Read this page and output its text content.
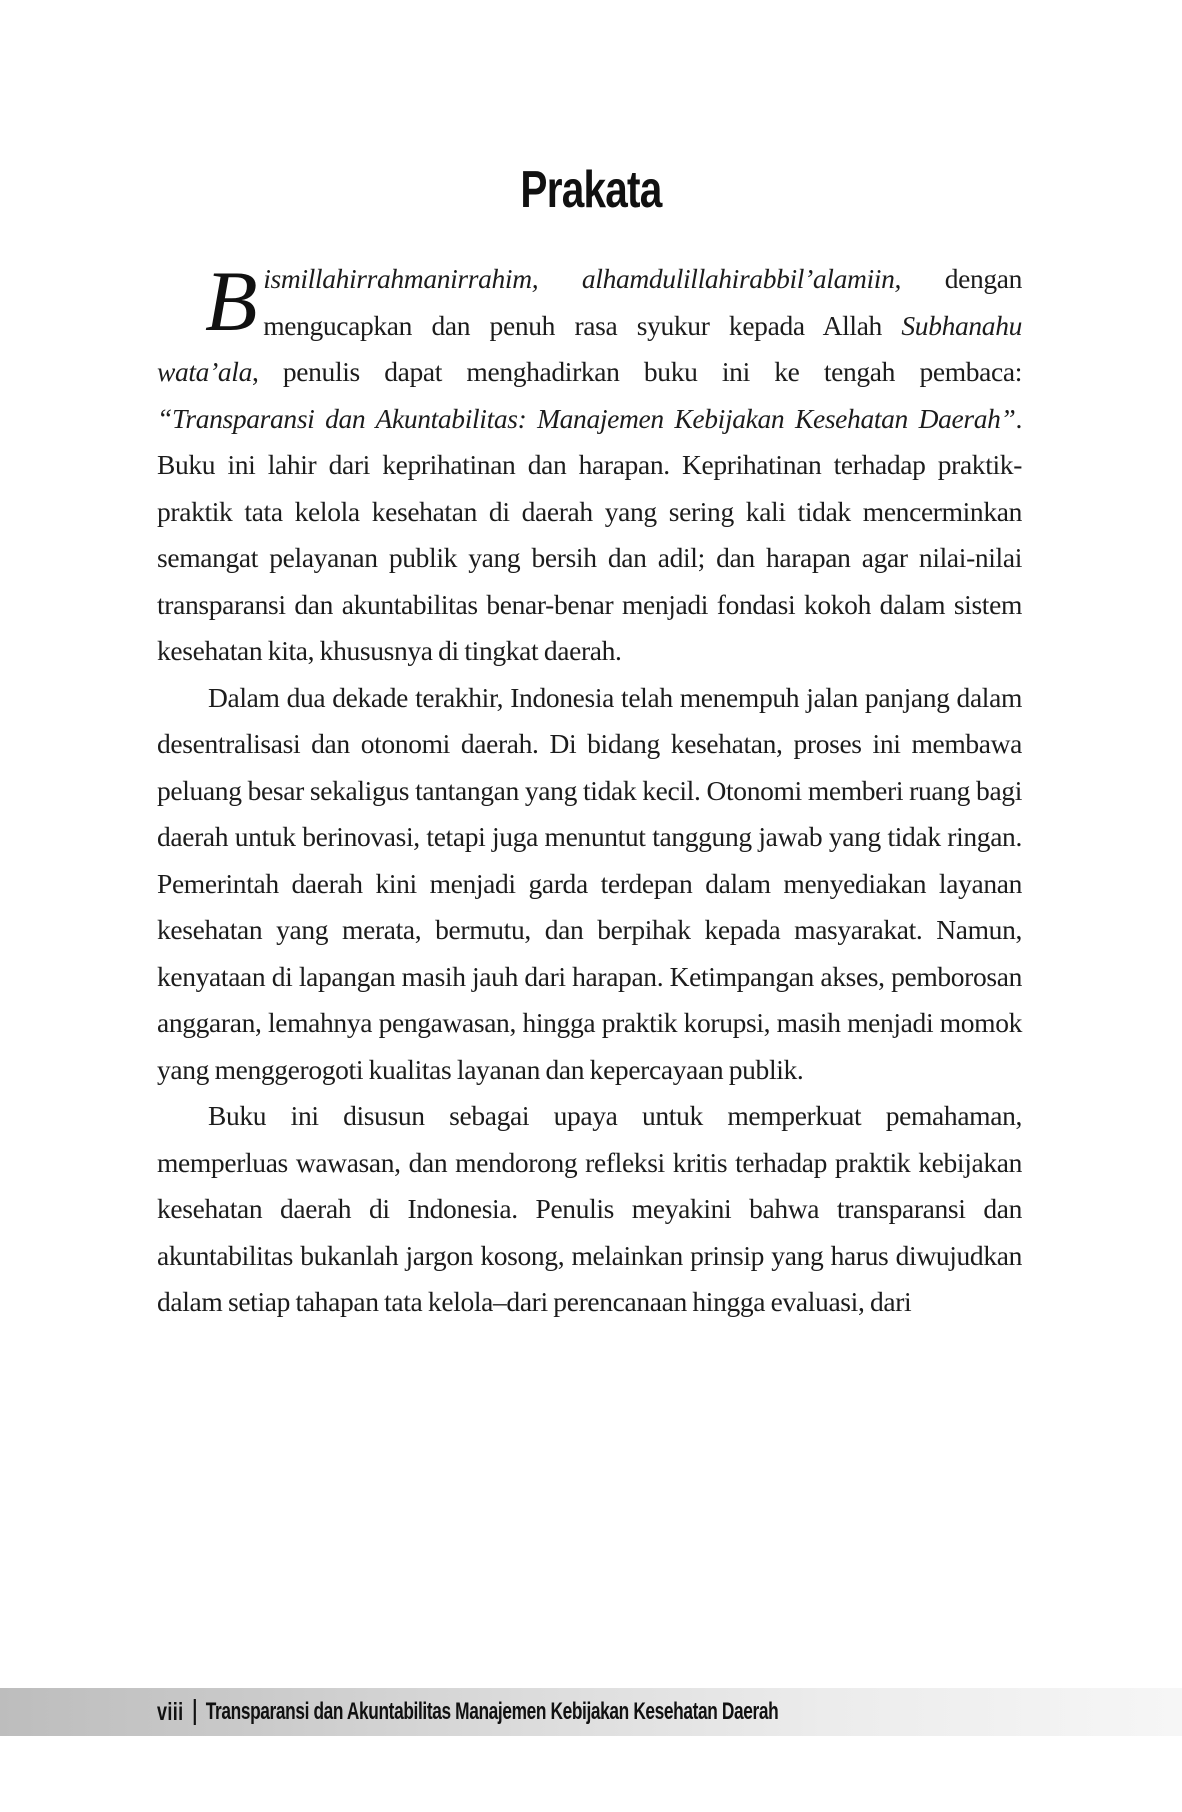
Prakata

Bismillahirrahmanirrahim, alhamdulillahirabbil’alamiin, dengan mengucapkan dan penuh rasa syukur kepada Allah Subhanahu wata’ala, penulis dapat menghadirkan buku ini ke tengah pembaca: “Transparansi dan Akuntabilitas: Manajemen Kebijakan Kesehatan Daerah”. Buku ini lahir dari keprihatinan dan harapan. Keprihatinan terhadap praktik-praktik tata kelola kesehatan di daerah yang sering kali tidak mencerminkan semangat pelayanan publik yang bersih dan adil; dan harapan agar nilai-nilai transparansi dan akuntabilitas benar-benar menjadi fondasi kokoh dalam sistem kesehatan kita, khususnya di tingkat daerah.

Dalam dua dekade terakhir, Indonesia telah menempuh jalan panjang dalam desentralisasi dan otonomi daerah. Di bidang kesehatan, proses ini membawa peluang besar sekaligus tantangan yang tidak kecil. Otonomi memberi ruang bagi daerah untuk berinovasi, tetapi juga menuntut tanggung jawab yang tidak ringan. Pemerintah daerah kini menjadi garda terdepan dalam menyediakan layanan kesehatan yang merata, bermutu, dan berpihak kepada masyarakat. Namun, kenyataan di lapangan masih jauh dari harapan. Ketimpangan akses, pemborosan anggaran, lemahnya pengawasan, hingga praktik korupsi, masih menjadi momok yang menggerogoti kualitas layanan dan kepercayaan publik.

Buku ini disusun sebagai upaya untuk memperkuat pemahaman, memperluas wawasan, dan mendorong refleksi kritis terhadap praktik kebijakan kesehatan daerah di Indonesia. Penulis meyakini bahwa transparansi dan akuntabilitas bukanlah jargon kosong, melainkan prinsip yang harus diwujudkan dalam setiap tahapan tata kelola–dari perencanaan hingga evaluasi, dari

viii Transparansi dan Akuntabilitas Manajemen Kebijakan Kesehatan Daerah
